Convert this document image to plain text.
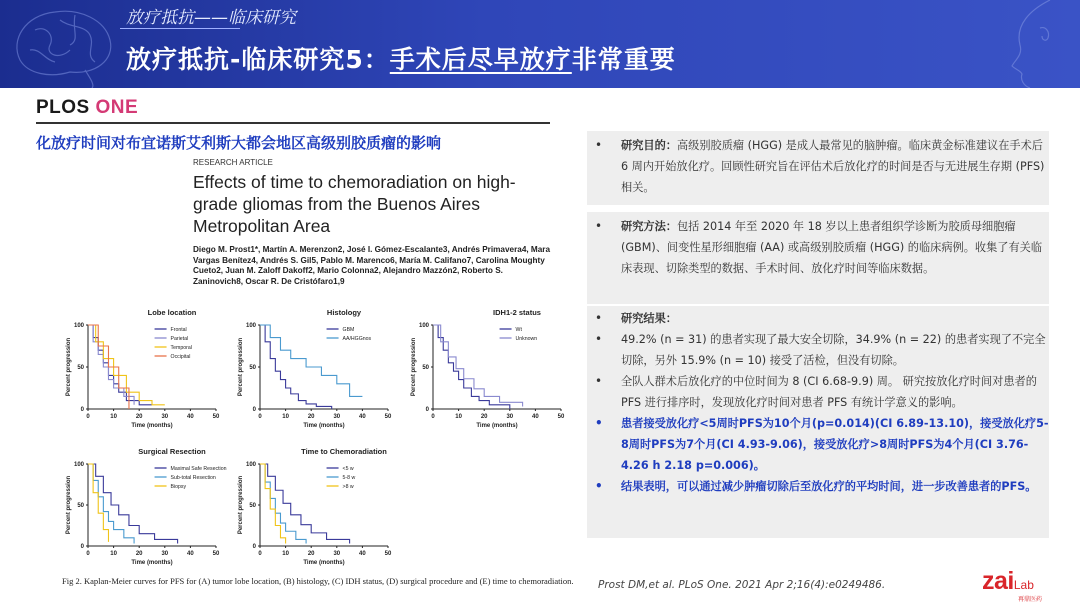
放疗抵抗——临床研究
放疗抵抗-临床研究5：手术后尽早放疗非常重要
PLOS ONE
化放疗时间对布宜诺斯艾利斯大都会地区高级别胶质瘤的影响
RESEARCH ARTICLE
Effects of time to chemoradiation on high-grade gliomas from the Buenos Aires Metropolitan Area
Diego M. Prost1*, Martín A. Merenzon2, José I. Gómez-Escalante3, Andrés Primavera4, Mara Vargas Benítez4, Andrés S. Gil5, Pablo M. Marenco6, María M. Califano7, Carolina Moughty Cueto2, Juan M. Zaloff Dakoff2, Mario Colonna2, Alejandro Mazzón2, Roberto S. Zaninovich8, Oscar R. De Cristófaro1,9
Lobe location
0	10	20	30	40	50
0
50
100
Time (months)
Percent progression
Frontal
Parietal
Temporal
Occipital
Histology
0	10	20	30	40	50
0
50
100
Time (months)
Percent progression
GBM
AA/HGGnos
IDH1-2 status
0	10	20	30	40	50
0
50
100
Time (months)
Percent progression
Wt
Unknown
Surgical Resection
0	10	20	30	40	50
0
50
100
Time (months)
Percent progression
Maximal Safe Resection
Sub-total Resection
Biopsy
Time to Chemoradiation
0	10	20	30	40	50
0
50
100
Time (months)
Percent progression
<5 w
5-8 w
>8 w
Fig 2. Kaplan-Meier curves for PFS for (A) tumor lobe location, (B) histology, (C) IDH status, (D) surgical procedure and (E) time to chemoradiation.
• 研究目的：高级别胶质瘤 (HGG) 是成人最常见的脑肿瘤。临床黄金标准建议在手术后 6 周内开始放化疗。回顾性研究旨在评估术后放化疗的时间是否与无进展生存期 (PFS) 相关。
• 研究方法：包括 2014 年至 2020 年 18 岁以上患者组织学诊断为胶质母细胞瘤 (GBM)、间变性星形细胞瘤 (AA) 或高级别胶质瘤 (HGG) 的临床病例。收集了有关临床表现、切除类型的数据、手术时间、放化疗时间等临床数据。
• 研究结果：
• 49.2% (n = 31) 的患者实现了最大安全切除，34.9% (n = 22) 的患者实现了不完全切除，另外 15.9% (n = 10) 接受了活检，但没有切除。
• 全队人群术后放化疗的中位时间为 8 (CI 6.68-9.9) 周。 研究按放化疗时间对患者的 PFS 进行排序时，发现放化疗时间对患者 PFS 有统计学意义的影响。
• 患者接受放化疗<5周时PFS为10个月(p=0.014)(CI 6.89-13.10)，接受放化疗5-8周时PFS为7个月(CI 4.93-9.06)，接受放化疗>8周时PFS为4个月(CI 3.76-4.26 h 2.18 p=0.006)。
• 结果表明，可以通过减少肿瘤切除后至放化疗的平均时间，进一步改善患者的PFS。
Prost DM,et al. PLoS One. 2021 Apr 2;16(4):e0249486.	zaiLab
再鼎医药
